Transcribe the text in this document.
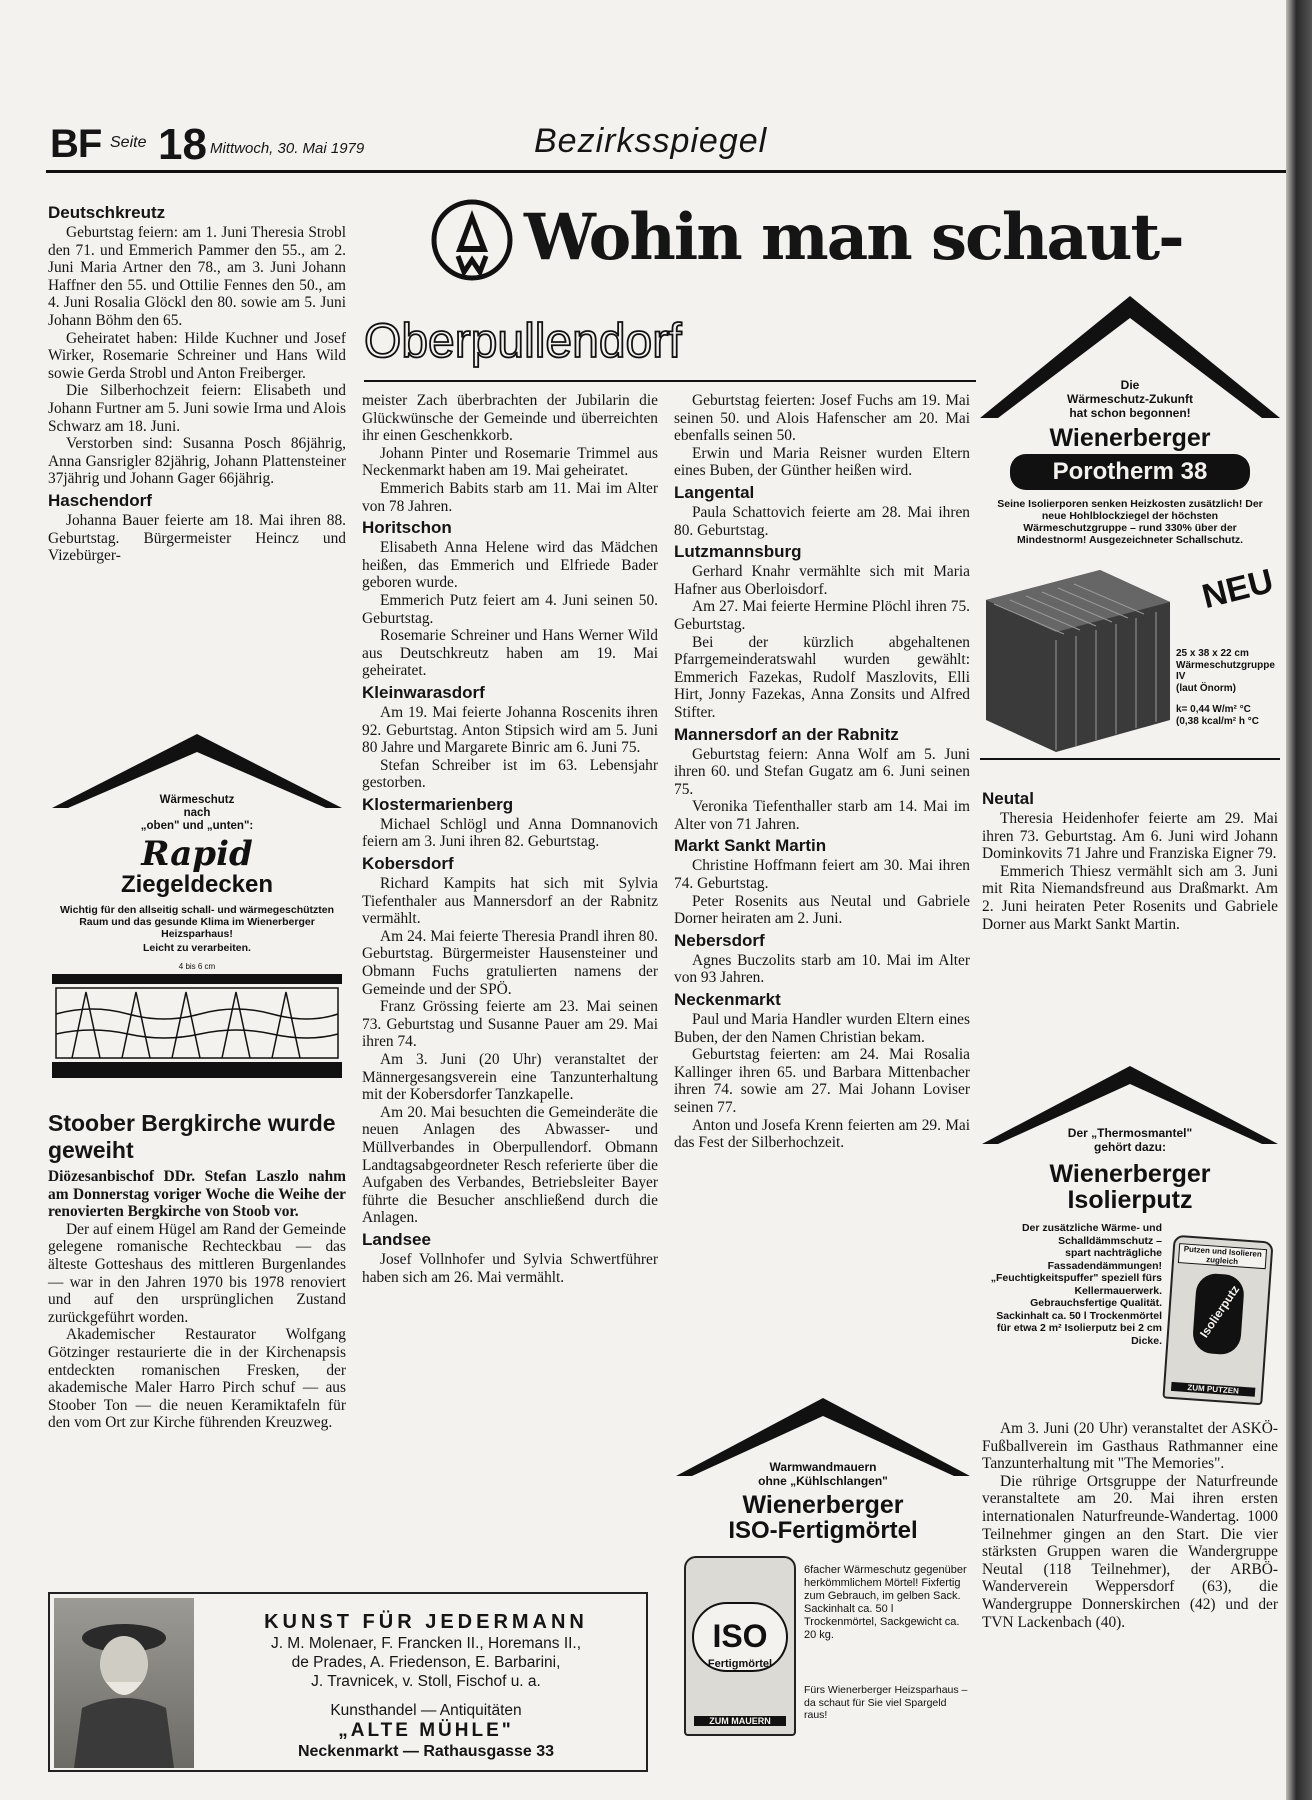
BF Seite 18 Mittwoch, 30. Mai 1979	Bezirksspiegel
Wohin man schaut-
Oberpullendorf
Deutschkreutz

Geburtstag feiern: am 1. Juni Theresia Strobl den 71. und Emmerich Pammer den 55., am 2. Juni Maria Artner den 78., am 3. Juni Johann Haffner den 55. und Ottilie Fennes den 50., am 4. Juni Rosalia Glöckl den 80. sowie am 5. Juni Johann Böhm den 65.

Geheiratet haben: Hilde Kuchner und Josef Wirker, Rosemarie Schreiner und Hans Wild sowie Gerda Strobl und Anton Freiberger.

Die Silberhochzeit feiern: Elisabeth und Johann Furtner am 5. Juni sowie Irma und Alois Schwarz am 18. Juni.

Verstorben sind: Susanna Posch 86jährig, Anna Gansrigler 82jährig, Johann Plattensteiner 37jährig und Johann Gager 66jährig.

Haschendorf

Johanna Bauer feierte am 18. Mai ihren 88. Geburtstag. Bürgermeister Heincz und Vizebürger-

Wärmeschutz
nach
„oben" und „unten":
Rapid
Ziegeldecken
Wichtig für den allseitig schall- und wärmegeschützten Raum und das gesunde Klima im Wienerberger Heizsparhaus!
Leicht zu verarbeiten.
4 bis 6 cm
Stoober Bergkirche wurde geweiht

Diözesanbischof DDr. Stefan Laszlo nahm am Donnerstag voriger Woche die Weihe der renovierten Bergkirche von Stoob vor.

Der auf einem Hügel am Rand der Gemeinde gelegene romanische Rechteckbau — das älteste Gotteshaus des mittleren Burgenlandes — war in den Jahren 1970 bis 1978 renoviert und auf den ursprünglichen Zustand zurückgeführt worden.

Akademischer Restaurator Wolfgang Götzinger restaurierte die in der Kirchenapsis entdeckten romanischen Fresken, der akademische Maler Harro Pirch schuf — aus Stoober Ton — die neuen Keramiktafeln für den vom Ort zur Kirche führenden Kreuzweg.

meister Zach überbrachten der Jubilarin die Glückwünsche der Gemeinde und überreichten ihr einen Geschenkkorb.

Johann Pinter und Rosemarie Trimmel aus Neckenmarkt haben am 19. Mai geheiratet.

Emmerich Babits starb am 11. Mai im Alter von 78 Jahren.

Horitschon

Elisabeth Anna Helene wird das Mädchen heißen, das Emmerich und Elfriede Bader geboren wurde.

Emmerich Putz feiert am 4. Juni seinen 50. Geburtstag.

Rosemarie Schreiner und Hans Werner Wild aus Deutschkreutz haben am 19. Mai geheiratet.

Kleinwarasdorf

Am 19. Mai feierte Johanna Roscenits ihren 92. Geburtstag. Anton Stipsich wird am 5. Juni 80 Jahre und Margarete Binric am 6. Juni 75.

Stefan Schreiber ist im 63. Lebensjahr gestorben.

Klostermarienberg

Michael Schlögl und Anna Domnanovich feiern am 3. Juni ihren 82. Geburtstag.

Kobersdorf

Richard Kampits hat sich mit Sylvia Tiefenthaler aus Mannersdorf an der Rabnitz vermählt.

Am 24. Mai feierte Theresia Prandl ihren 80. Geburtstag. Bürgermeister Hausensteiner und Obmann Fuchs gratulierten namens der Gemeinde und der SPÖ.

Franz Grössing feierte am 23. Mai seinen 73. Geburtstag und Susanne Pauer am 29. Mai ihren 74.

Am 3. Juni (20 Uhr) veranstaltet der Männergesangsverein eine Tanzunterhaltung mit der Kobersdorfer Tanzkapelle.

Am 20. Mai besuchten die Gemeinderäte die neuen Anlagen des Abwasser- und Müllverbandes in Oberpullendorf. Obmann Landtagsabgeordneter Resch referierte über die Aufgaben des Verbandes, Betriebsleiter Bayer führte die Besucher anschließend durch die Anlagen.

Landsee

Josef Vollnhofer und Sylvia Schwertführer haben sich am 26. Mai vermählt.

Geburtstag feierten: Josef Fuchs am 19. Mai seinen 50. und Alois Hafenscher am 20. Mai ebenfalls seinen 50.

Erwin und Maria Reisner wurden Eltern eines Buben, der Günther heißen wird.

Langental

Paula Schattovich feierte am 28. Mai ihren 80. Geburtstag.

Lutzmannsburg

Gerhard Knahr vermählte sich mit Maria Hafner aus Oberloisdorf.

Am 27. Mai feierte Hermine Plöchl ihren 75. Geburtstag.

Bei der kürzlich abgehaltenen Pfarrgemeinderatswahl wurden gewählt: Emmerich Fazekas, Rudolf Maszlovits, Elli Hirt, Jonny Fazekas, Anna Zonsits und Alfred Stifter.

Mannersdorf an der Rabnitz

Geburtstag feiern: Anna Wolf am 5. Juni ihren 60. und Stefan Gugatz am 6. Juni seinen 75.

Veronika Tiefenthaller starb am 14. Mai im Alter von 71 Jahren.

Markt Sankt Martin

Christine Hoffmann feiert am 30. Mai ihren 74. Geburtstag.

Peter Rosenits aus Neutal und Gabriele Dorner heiraten am 2. Juni.

Nebersdorf

Agnes Buczolits starb am 10. Mai im Alter von 93 Jahren.

Neckenmarkt

Paul und Maria Handler wurden Eltern eines Buben, der den Namen Christian bekam.

Geburtstag feierten: am 24. Mai Rosalia Kallinger ihren 65. und Barbara Mittenbacher ihren 74. sowie am 27. Mai Johann Loviser seinen 77.

Anton und Josefa Krenn feierten am 29. Mai das Fest der Silberhochzeit.

Warmwandmauern
ohne „Kühlschlangen"
Wienerberger
ISO-Fertigmörtel
ISO
Fertigmörtel
ZUM MAUERN
6facher Wärmeschutz gegenüber herkömmlichem Mörtel! Fixfertig zum Gebrauch, im gelben Sack. Sackinhalt ca. 50 l Trockenmörtel, Sackgewicht ca. 20 kg.
Fürs Wienerberger Heizsparhaus – da schaut für Sie viel Spargeld raus!
Die
Wärmeschutz-Zukunft
hat schon begonnen!
Wienerberger
Porotherm 38
Seine Isolierporen senken Heizkosten zusätzlich! Der neue Hohlblockziegel der höchsten Wärmeschutzgruppe – rund 330% über der Mindestnorm! Ausgezeichneter Schallschutz.
NEU
25 x 38 x 22 cm
Wärmeschutzgruppe IV
(laut Önorm)
k= 0,44 W/m² °C
(0,38 kcal/m² h °C
Neutal

Theresia Heidenhofer feierte am 29. Mai ihren 73. Geburtstag. Am 6. Juni wird Johann Dominkovits 71 Jahre und Franziska Eigner 79.

Emmerich Thiesz vermählt sich am 3. Juni mit Rita Niemandsfreund aus Draßmarkt. Am 2. Juni heiraten Peter Rosenits und Gabriele Dorner aus Markt Sankt Martin.

Der „Thermosmantel"
gehört dazu:
Wienerberger
Isolierputz
Der zusätzliche Wärme- und Schalldämmschutz –
spart nachträgliche Fassadendämmungen!
„Feuchtigkeitspuffer" speziell fürs Kellermauerwerk.
Gebrauchsfertige Qualität.
Sackinhalt ca. 50 l Trockenmörtel für etwa 2 m² Isolierputz bei 2 cm Dicke.
Putzen und Isolieren zugleich
Isolierputz
ZUM PUTZEN

Am 3. Juni (20 Uhr) veranstaltet der ASKÖ-Fußballverein im Gasthaus Rathmanner eine Tanzunterhaltung mit "The Memories".

Die rührige Ortsgruppe der Naturfreunde veranstaltete am 20. Mai ihren ersten internationalen Naturfreunde-Wandertag. 1000 Teilnehmer gingen an den Start. Die vier stärksten Gruppen waren die Wandergruppe Neutal (118 Teilnehmer), der ARBÖ-Wanderverein Weppersdorf (63), die Wandergruppe Donnerskirchen (42) und der TVN Lackenbach (40).

KUNST FÜR JEDERMANN
J. M. Molenaer, F. Francken II., Horemans II.,
de Prades, A. Friedenson, E. Barbarini,
J. Travnicek, v. Stoll, Fischof u. a.
Kunsthandel — Antiquitäten
„ALTE MÜHLE"
Neckenmarkt — Rathausgasse 33
